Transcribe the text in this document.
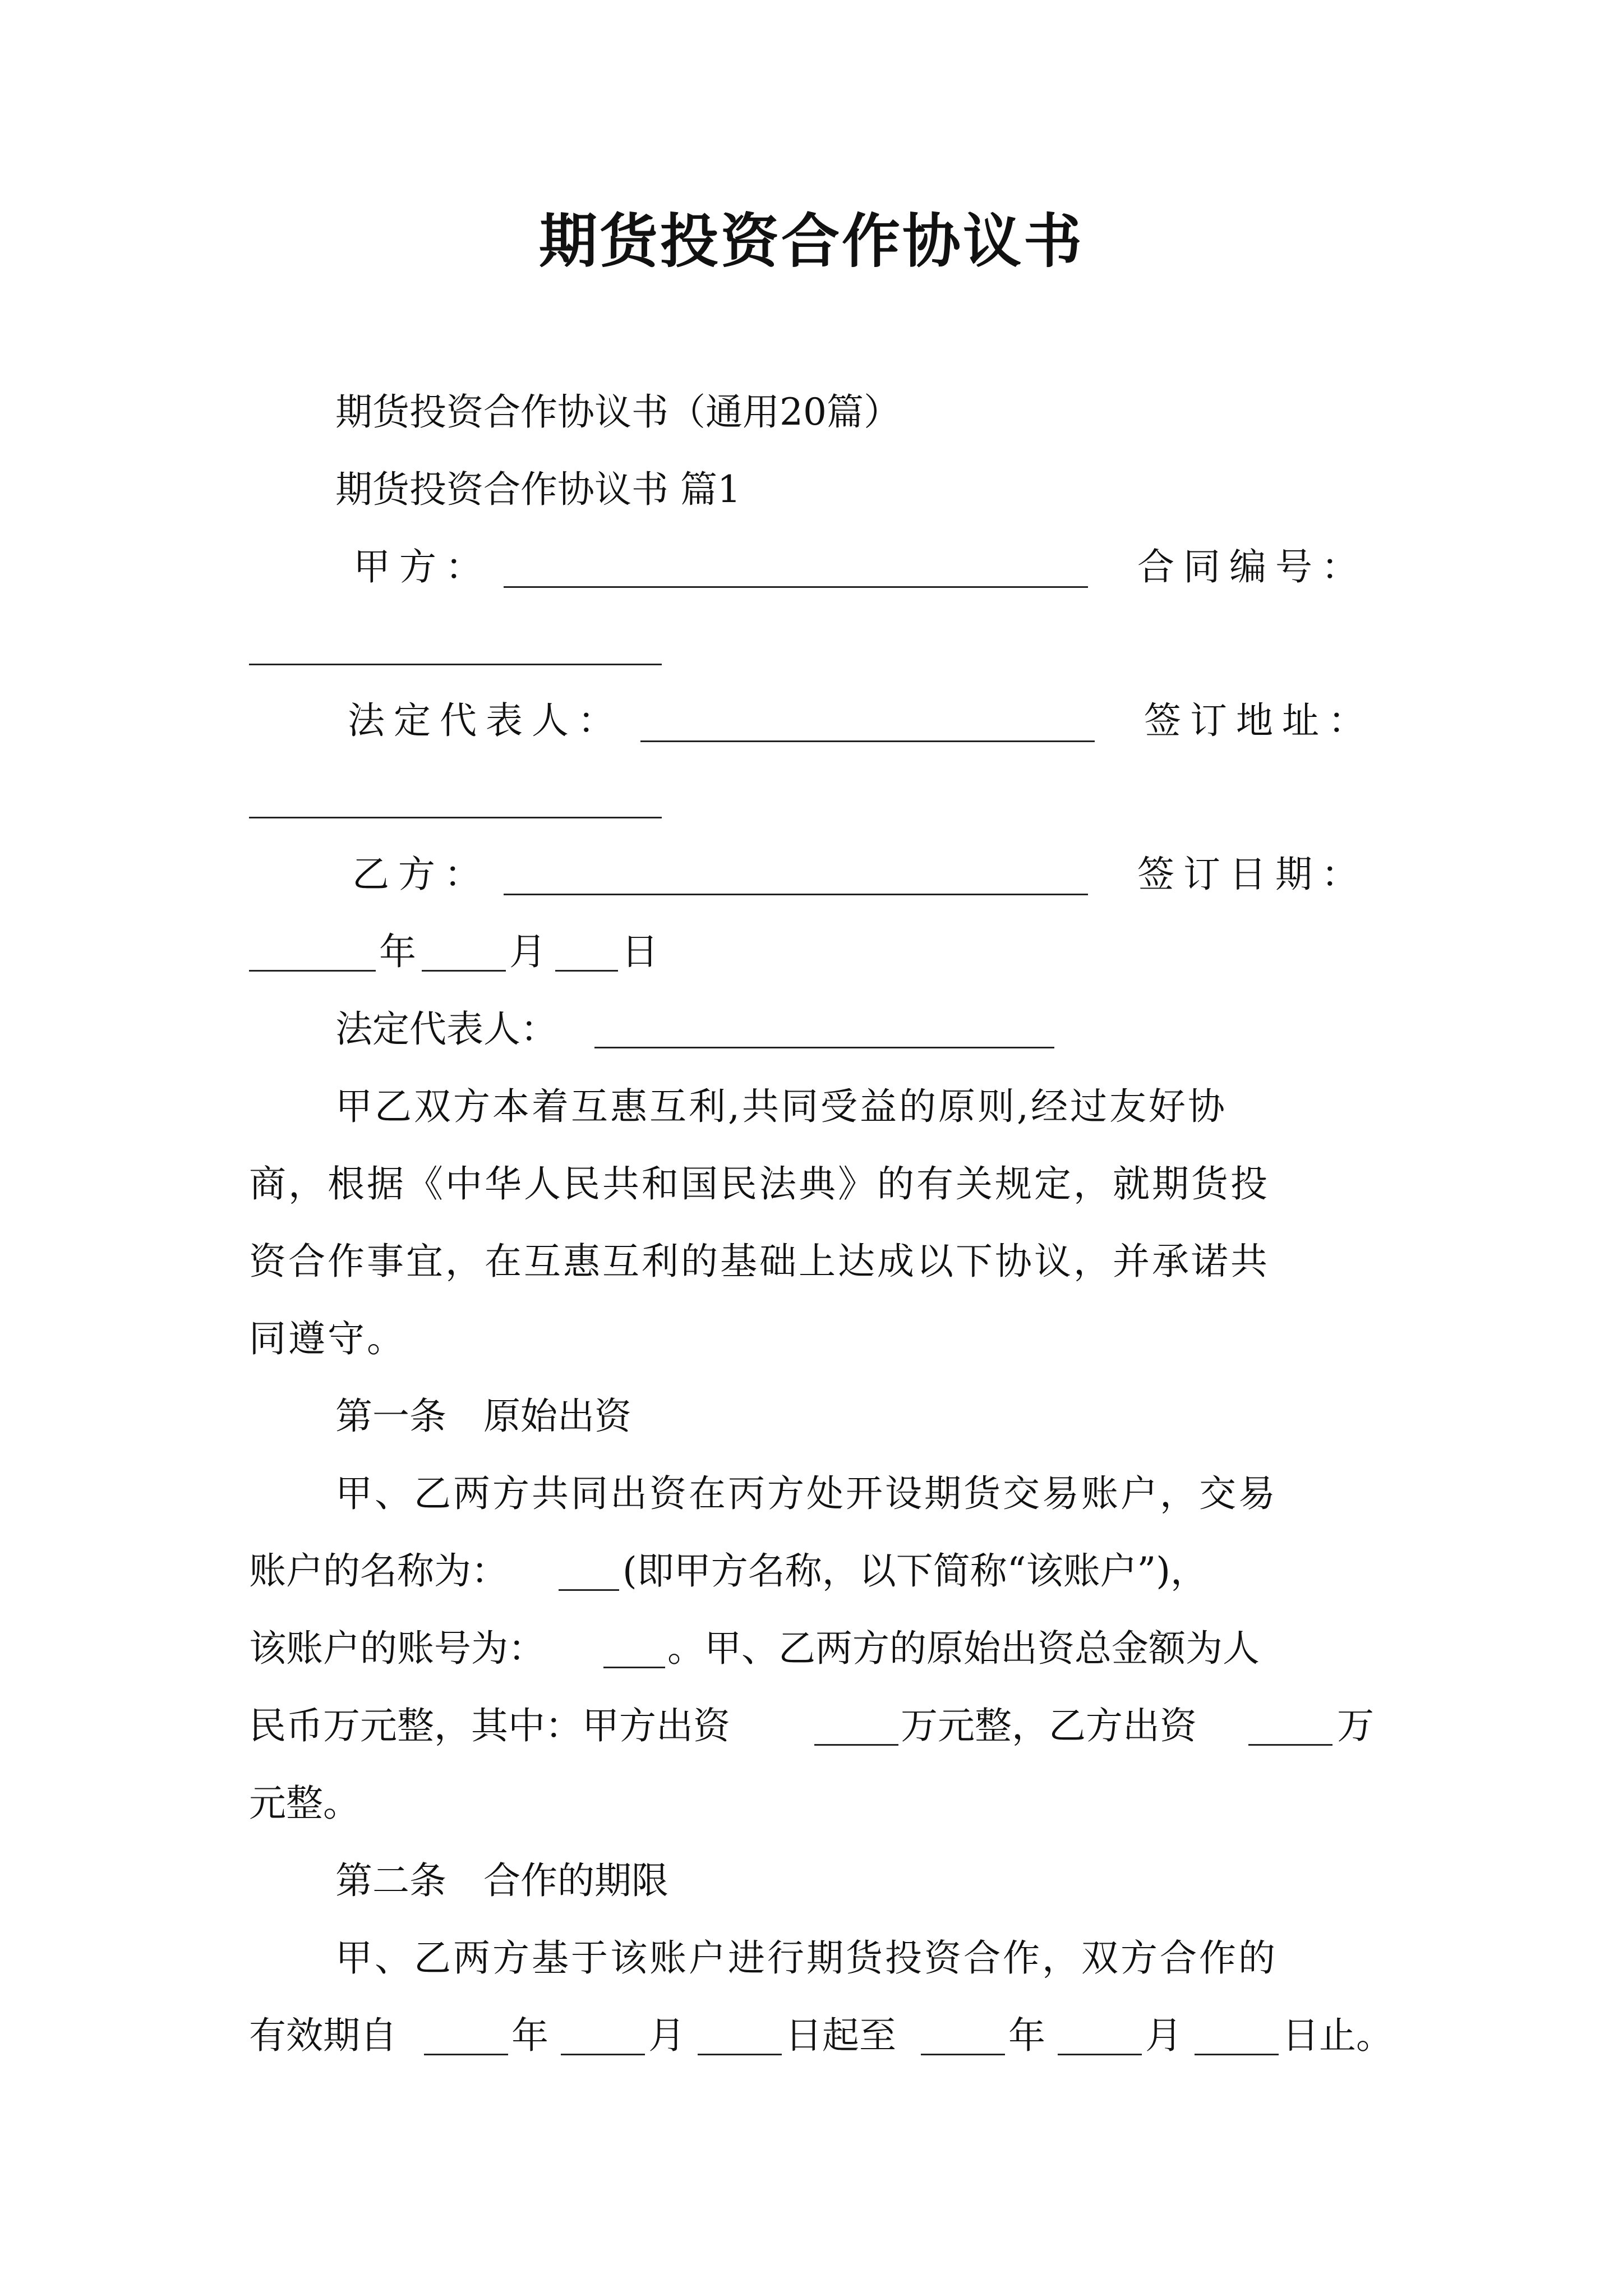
期货投资合作协议书
期货投资合作协议书（通用20篇）
期货投资合作协议书 篇1
甲方：	合同编号：
法定代表人：	签订地址：
乙方：	签订日期：
年	月 日
法定代表人：
甲乙双方本着互惠互利,共同受益的原则,经过友好协
商，根据《中华人民共和国民法典》的有关规定，就期货投
资合作事宜，在互惠互利的基础上达成以下协议，并承诺共
同遵守。
第一条　原始出资
甲、乙两方共同出资在丙方处开设期货交易账户，交易
账户的名称为：	(即甲方名称，以下简称“该账户”)，
该账户的账号为：	。甲、乙两方的原始出资总金额为人
民币万元整，其中：甲方出资	万元整，乙方出资	万
元整。
第二条　合作的期限
甲、乙两方基于该账户进行期货投资合作，双方合作的
有效期自	年	月	日起至	年	月	日止。
